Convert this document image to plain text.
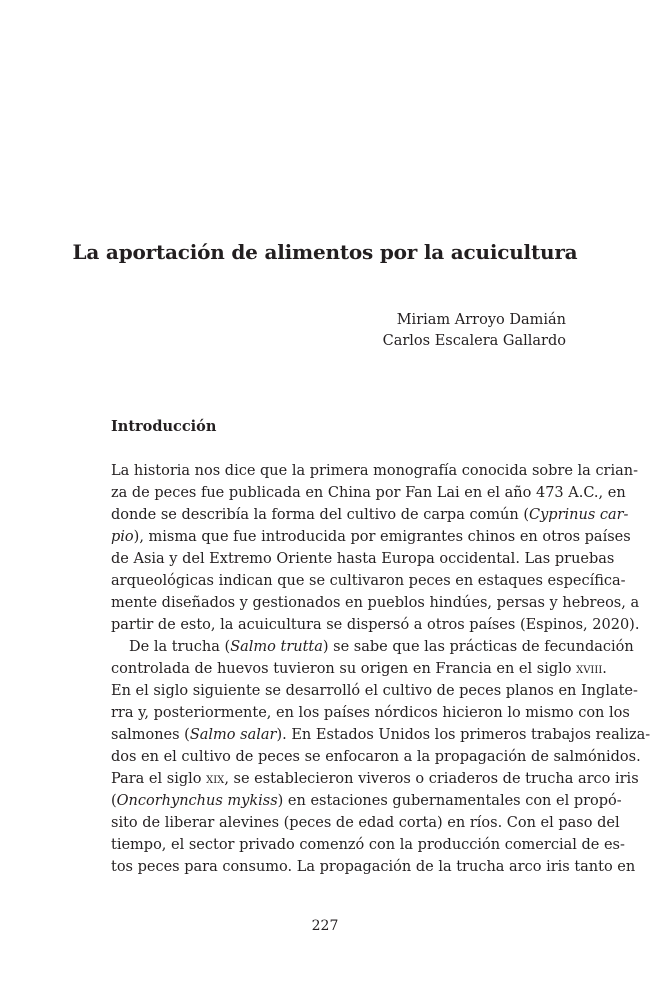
La aportación de alimentos por la acuicultura
Miriam Arroyo Damián
Carlos Escalera Gallardo
Introducción
La historia nos dice que la primera monografía conocida sobre la crian-
za de peces fue publicada en China por Fan Lai en el año 473 A.C., en
donde se describía la forma del cultivo de carpa común (Cyprinus car-
pio), misma que fue introducida por emigrantes chinos en otros países
de Asia y del Extremo Oriente hasta Europa occidental. Las pruebas
arqueológicas indican que se cultivaron peces en estaques específica-
mente diseñados y gestionados en pueblos hindúes, persas y hebreos, a
partir de esto, la acuicultura se dispersó a otros países (Espinos, 2020).
De la trucha (Salmo trutta) se sabe que las prácticas de fecundación
controlada de huevos tuvieron su origen en Francia en el siglo xviii.
En el siglo siguiente se desarrolló el cultivo de peces planos en Inglate-
rra y, posteriormente, en los países nórdicos hicieron lo mismo con los
salmones (Salmo salar). En Estados Unidos los primeros trabajos realiza-
dos en el cultivo de peces se enfocaron a la propagación de salmónidos.
Para el siglo xix, se establecieron viveros o criaderos de trucha arco iris
(Oncorhynchus mykiss) en estaciones gubernamentales con el propó-
sito de liberar alevines (peces de edad corta) en ríos. Con el paso del
tiempo, el sector privado comenzó con la producción comercial de es-
tos peces para consumo. La propagación de la trucha arco iris tanto en
227
